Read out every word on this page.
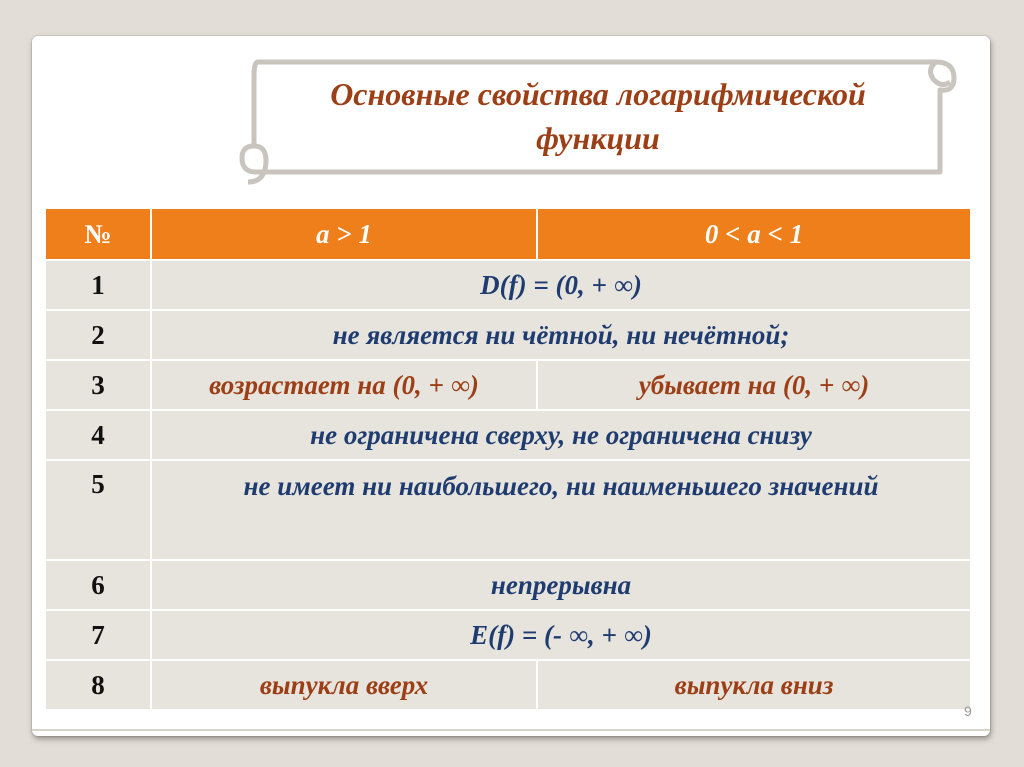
Основные свойства логарифмической
функции
№	a > 1	0 < a < 1
1	D(f) = (0, + ∞)	
2	не является ни чётной, ни нечётной;	
3	возрастает на (0, + ∞)	убывает на (0, + ∞)
4	не ограничена сверху, не ограничена снизу	
5	не имеет ни наибольшего, ни наименьшего значений	
6	непрерывна	
7	E(f) = (- ∞, + ∞)	
8	выпукла вверх	выпукла вниз
9
